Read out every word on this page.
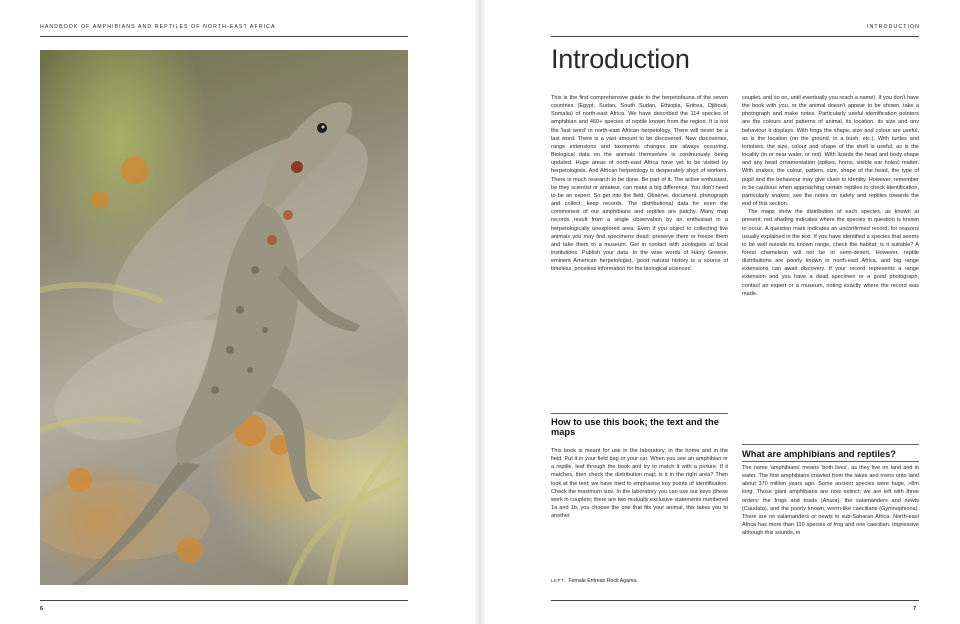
HANDBOOK OF AMPHIBIANS AND REPTILES OF NORTH-EAST AFRICA	INTRODUCTION
6
Introduction

This is the first comprehensive guide to the herpetofauna of the seven countries (Egypt, Sudan, South Sudan, Ethiopia, Eritrea, Djibouti, Somalia) of north-east Africa. We have described the 114 species of amphibian and 460+ species of reptile known from the region. It is not the 'last word' in north-east African herpetology. There will never be a last word. There is a vast amount to be discovered. New discoveries, range extensions and taxonomic changes are always occurring. Biological data on the animals themselves is continuously being updated. Huge areas of north-east Africa have yet to be visited by herpetologists. And African herpetology is desperately short of workers. There is much research to be done. Be part of it. The active enthusiast, be they scientist or amateur, can make a big difference. You don't need to be an expert. So get into the field. Observe, document, photograph and collect; keep records. The distributional data for even the commonest of our amphibians and reptiles are patchy. Many map records result from a single observation by an enthusiast in a herpetologically unexplored area. Even if you object to collecting live animals you may find specimens dead; preserve them or freeze them and take them to a museum. Get in contact with zoologists at local institutions. Publish your data. In the wise words of Harry Greene, eminent American herpetologist, 'good natural history is a source of timeless, priceless information for the biological sciences'.

How to use this book; the text and the maps

This book is meant for use in the laboratory, in the home and in the field. Put it in your field bag or your car. When you see an amphibian or a reptile, leaf through the book and try to match it with a picture. If it matches, then check the distribution map; is it in the right area? Then look at the text; we have tried to emphasise key points of identification. Check the maximum size. In the laboratory you can use our keys (these work in couplets; there are two mutually exclusive statements numbered 1a and 1b, you choose the one that fits your animal, this takes you to another

couplet, and so on, until eventually you reach a name). If you don't have the book with you, or the animal doesn't appear to be shown, take a photograph and make notes. Particularly useful identification pointers are the colours and patterns of animal, its location, its size and any behaviour it displays. With frogs the shape, size and colour are useful, as is the location (on the ground, in a bush, etc.). With turtles and tortoises, the size, colour and shape of the shell is useful; as is the locality (in or near water, or not). With lizards the head and body shape and any head ornamentation (spikes, horns, visible ear holes) matter. With snakes, the colour, pattern, size, shape of the head, the type of pupil and the behaviour may give clues to identity. However, remember to be cautious when approaching certain reptiles to check identification, particularly snakes; see the notes on safety and reptiles towards the end of this section.

The maps show the distribution of each species, as known at present; red shading indicates where the species in question is known to occur. A question mark indicates an unconfirmed record, for reasons usually explained in the text. If you have identified a species that seems to be well outside its known range, check the habitat; is it suitable? A forest chameleon will not be in semi-desert. However, reptile distributions are poorly known in north-east Africa, and big range extensions can await discovery. If your record represents a range extension and you have a dead specimen or a good photograph, contact an expert or a museum, noting exactly where the record was made.

What are amphibians and reptiles?

The name 'amphibians' means 'both lives', as they live on land and in water. The first amphibians crawled from the lakes and rivers onto land about 370 million years ago. Some ancient species were huge, >8m long. Those giant amphibians are now extinct; we are left with three orders: the frogs and toads (Anura), the salamanders and newts (Caudata), and the poorly known, worm-like caecilians (Gymnophiona). There are no salamanders or newts in sub-Saharan Africa. North-east Africa has more than 110 species of frog and one caecilian. Impressive although this sounds, in

LEFT: Female Eritrean Rock Agama.
7
